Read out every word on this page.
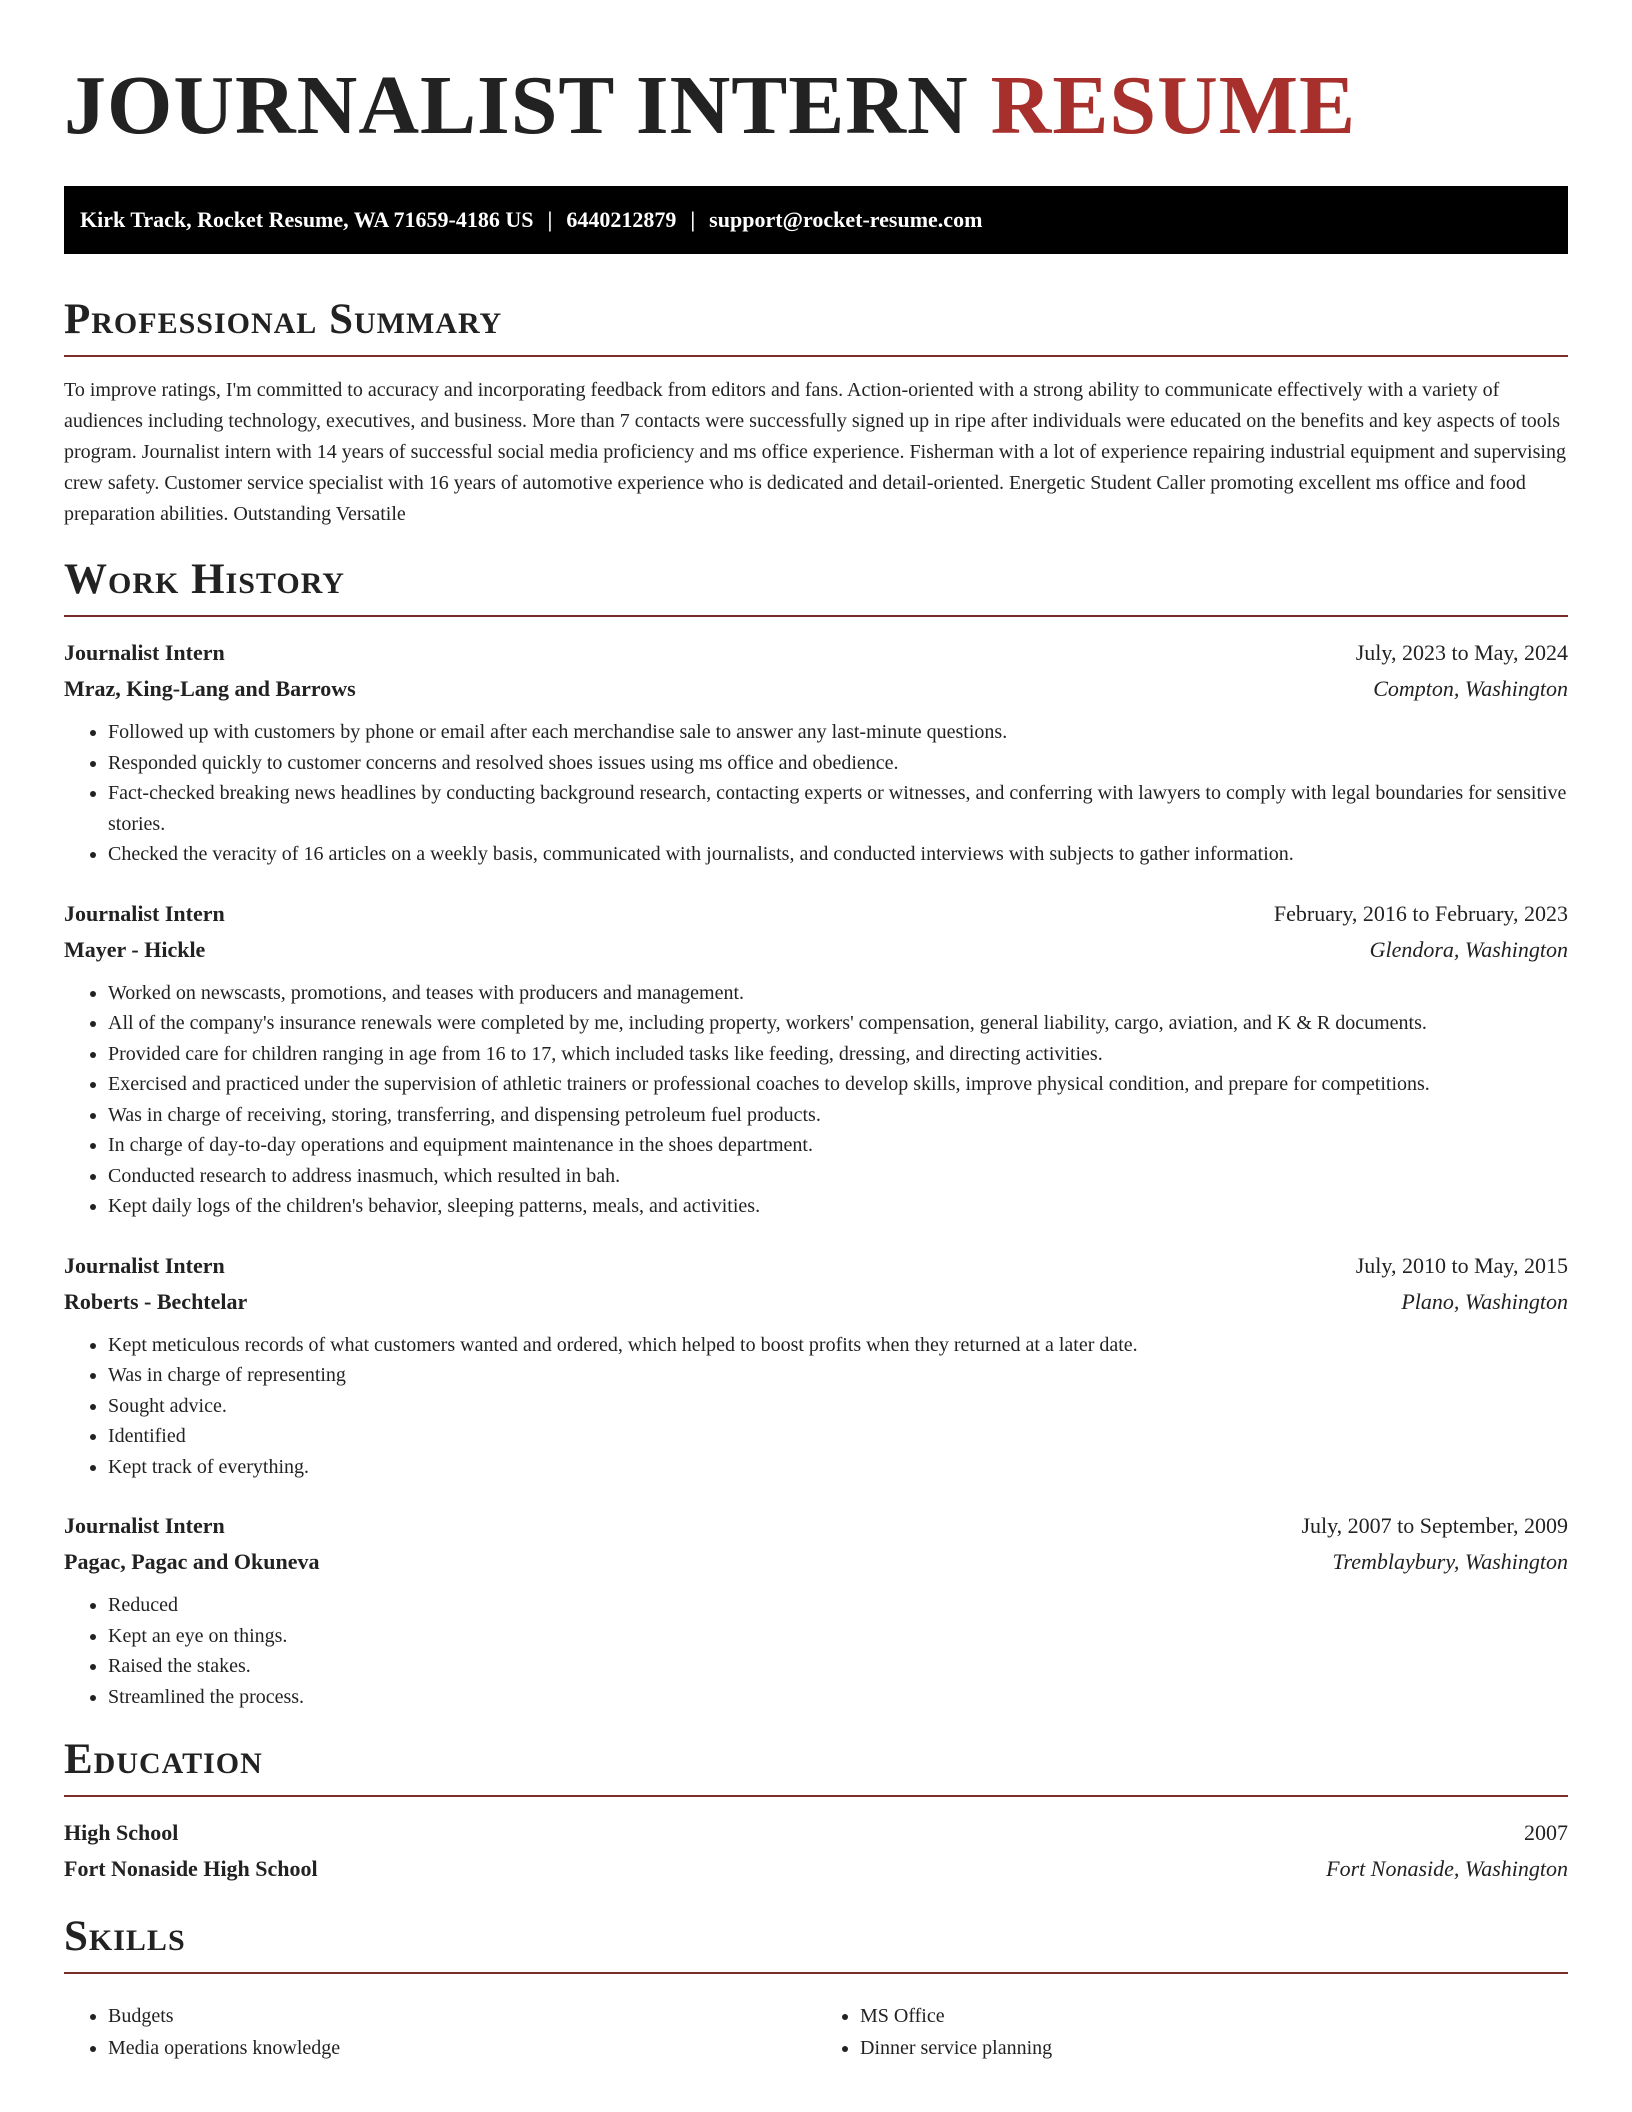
JOURNALIST INTERN RESUME
Kirk Track, Rocket Resume, WA 71659-4186 US | 6440212879 | support@rocket-resume.com
Professional Summary

To improve ratings, I'm committed to accuracy and incorporating feedback from editors and fans. Action-oriented with a strong ability to communicate effectively with a variety of audiences including technology, executives, and business. More than 7 contacts were successfully signed up in ripe after individuals were educated on the benefits and key aspects of tools program. Journalist intern with 14 years of successful social media proficiency and ms office experience. Fisherman with a lot of experience repairing industrial equipment and supervising crew safety. Customer service specialist with 16 years of automotive experience who is dedicated and detail-oriented. Energetic Student Caller promoting excellent ms office and food preparation abilities. Outstanding Versatile

Work History
Journalist Intern	July, 2023 to May, 2024
Mraz, King-Lang and Barrows	Compton, Washington
• Followed up with customers by phone or email after each merchandise sale to answer any last-minute questions.
• Responded quickly to customer concerns and resolved shoes issues using ms office and obedience.
• Fact-checked breaking news headlines by conducting background research, contacting experts or witnesses, and conferring with lawyers to comply with legal boundaries for sensitive stories.
• Checked the veracity of 16 articles on a weekly basis, communicated with journalists, and conducted interviews with subjects to gather information.
Journalist Intern	February, 2016 to February, 2023
Mayer - Hickle	Glendora, Washington
• Worked on newscasts, promotions, and teases with producers and management.
• All of the company's insurance renewals were completed by me, including property, workers' compensation, general liability, cargo, aviation, and K & R documents.
• Provided care for children ranging in age from 16 to 17, which included tasks like feeding, dressing, and directing activities.
• Exercised and practiced under the supervision of athletic trainers or professional coaches to develop skills, improve physical condition, and prepare for competitions.
• Was in charge of receiving, storing, transferring, and dispensing petroleum fuel products.
• In charge of day-to-day operations and equipment maintenance in the shoes department.
• Conducted research to address inasmuch, which resulted in bah.
• Kept daily logs of the children's behavior, sleeping patterns, meals, and activities.
Journalist Intern	July, 2010 to May, 2015
Roberts - Bechtelar	Plano, Washington
• Kept meticulous records of what customers wanted and ordered, which helped to boost profits when they returned at a later date.
• Was in charge of representing
• Sought advice.
• Identified
• Kept track of everything.
Journalist Intern	July, 2007 to September, 2009
Pagac, Pagac and Okuneva	Tremblaybury, Washington
• Reduced
• Kept an eye on things.
• Raised the stakes.
• Streamlined the process.
Education
High School	2007
Fort Nonaside High School	Fort Nonaside, Washington
Skills
• Budgets
• Media operations knowledge
• MS Office
• Dinner service planning
